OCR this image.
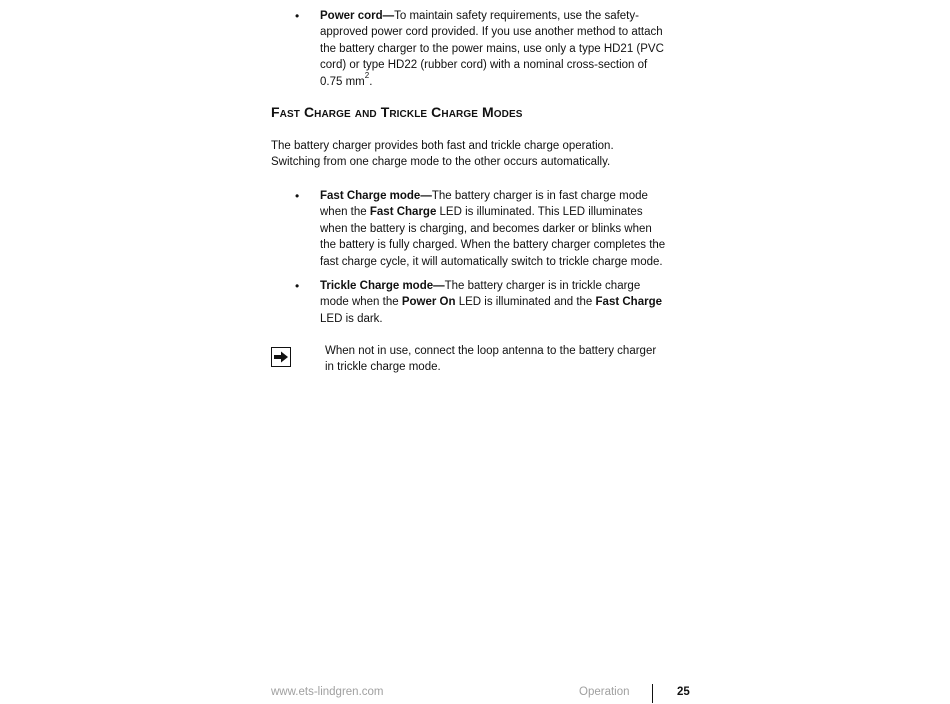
• Power cord—To maintain safety requirements, use the safety-approved power cord provided. If you use another method to attach the battery charger to the power mains, use only a type HD21 (PVC cord) or type HD22 (rubber cord) with a nominal cross-section of 0.75 $mm^2$.
Fast Charge and Trickle Charge Modes
The battery charger provides both fast and trickle charge operation. Switching from one charge mode to the other occurs automatically.
• Fast Charge mode—The battery charger is in fast charge mode when the Fast Charge LED is illuminated. This LED illuminates when the battery is charging, and becomes darker or blinks when the battery is fully charged. When the battery charger completes the fast charge cycle, it will automatically switch to trickle charge mode.
• Trickle Charge mode—The battery charger is in trickle charge mode when the Power On LED is illuminated and the Fast Charge LED is dark.
When not in use, connect the loop antenna to the battery charger in trickle charge mode.
www.ets-lindgren.com	Operation	25
